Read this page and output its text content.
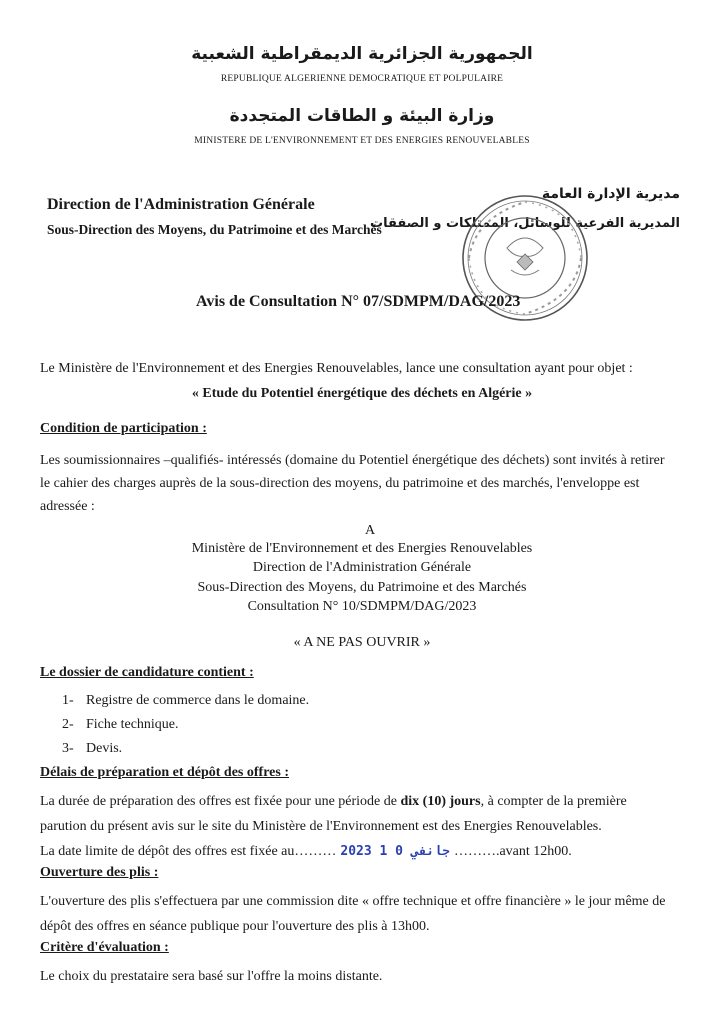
الجمهورية الجزائرية الديمقراطية الشعبية
REPUBLIQUE ALGERIENNE DEMOCRATIQUE ET POLPULAIRE
وزارة البيئة و الطاقات المتجددة
MINISTERE DE L'ENVIRONNEMENT ET DES ENERGIES RENOUVELABLES
Direction de l'Administration Générale
Sous-Direction des Moyens, du Patrimoine et des Marchés
مديرية الإدارة العامة
المديرية الفرعية للوسائل، الممتلكات و الصفقات
Avis de Consultation N° 07/SDMPM/DAG/2023
Le Ministère de l'Environnement et des Energies Renouvelables, lance une consultation ayant pour objet :
« Etude du Potentiel énergétique des déchets en Algérie »
Condition de participation :
Les soumissionnaires –qualifiés- intéressés (domaine du Potentiel énergétique des déchets) sont invités à retirer
le cahier des charges auprès de la sous-direction des moyens, du patrimoine et des marchés, l'enveloppe est
adressée :
A
Ministère de l'Environnement et des Energies Renouvelables
Direction de l'Administration Générale
Sous-Direction des Moyens, du Patrimoine et des Marchés
Consultation N° 10/SDMPM/DAG/2023
« A NE PAS OUVRIR »
Le dossier de candidature contient :
1- Registre de commerce dans le domaine.
2- Fiche technique.
3- Devis.
Délais de préparation et dépôt des offres :
La durée de préparation des offres est fixée pour une période de dix (10) jours, à compter de la première
parution du présent avis sur le site du Ministère de l'Environnement est des Energies Renouvelables.
La date limite de dépôt des offres est fixée au……… 2023 جانفي 0 1 ……….avant 12h00.
Ouverture des plis :
L'ouverture des plis s'effectuera par une commission dite « offre technique et offre financière » le jour même de
dépôt des offres en séance publique pour l'ouverture des plis à 13h00.
Critère d'évaluation :
Le choix du prestataire sera basé sur l'offre la moins distante.
